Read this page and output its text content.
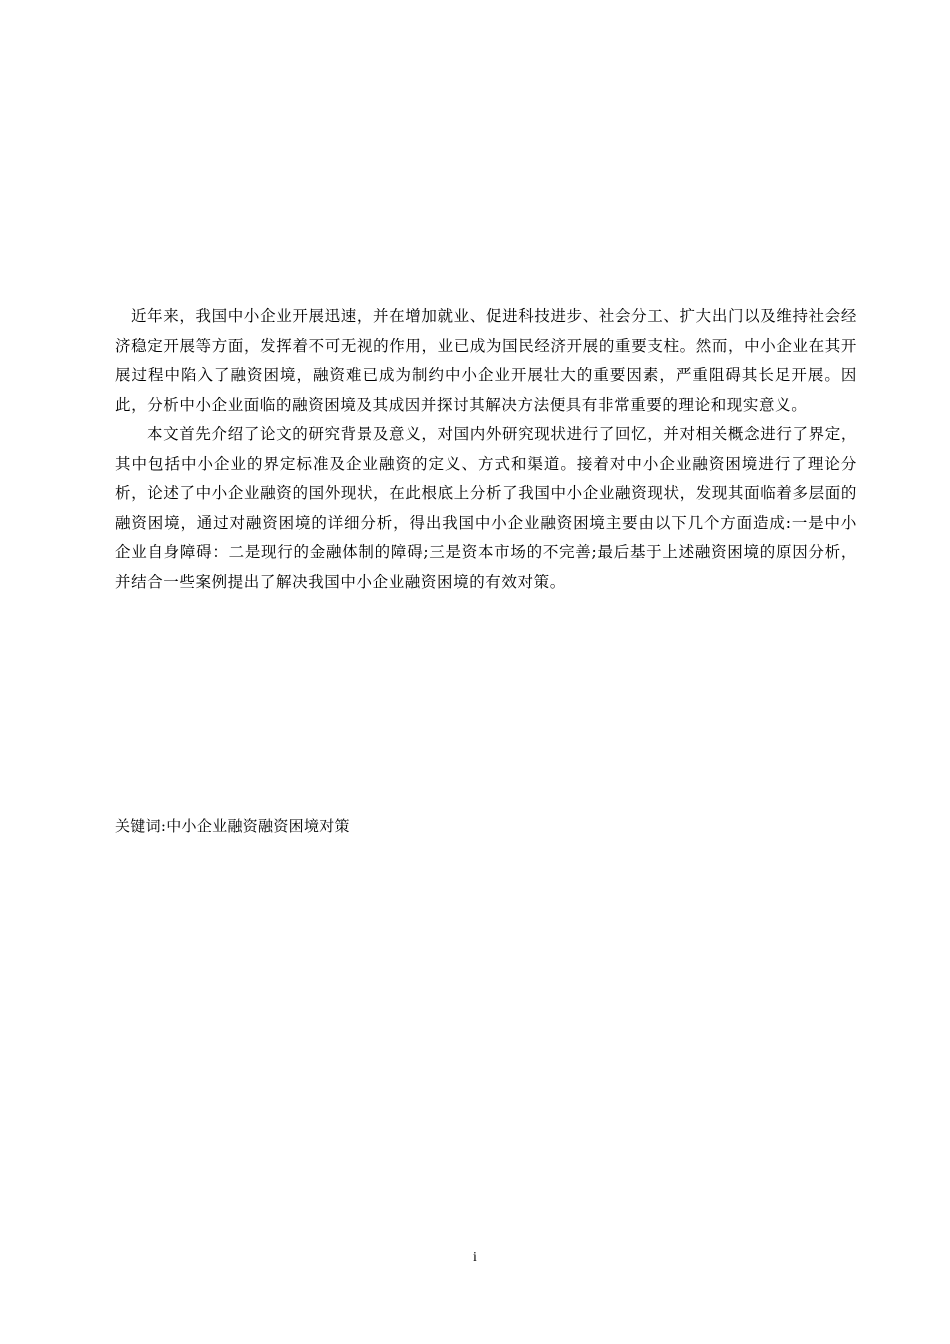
近年来，我国中小企业开展迅速，并在增加就业、促进科技进步、社会分工、扩大出门以及维持社会经济稳定开展等方面，发挥着不可无视的作用，业已成为国民经济开展的重要支柱。然而，中小企业在其开展过程中陷入了融资困境，融资难已成为制约中小企业开展壮大的重要因素，严重阻碍其长足开展。因此，分析中小企业面临的融资困境及其成因并探讨其解决方法便具有非常重要的理论和现实意义。

本文首先介绍了论文的研究背景及意义，对国内外研究现状进行了回忆，并对相关概念进行了界定，其中包括中小企业的界定标准及企业融资的定义、方式和渠道。接着对中小企业融资困境进行了理论分析，论述了中小企业融资的国外现状，在此根底上分析了我国中小企业融资现状，发现其面临着多层面的融资困境，通过对融资困境的详细分析，得出我国中小企业融资困境主要由以下几个方面造成:一是中小企业自身障碍：二是现行的金融体制的障碍;三是资本市场的不完善;最后基于上述融资困境的原因分析，并结合一些案例提出了解决我国中小企业融资困境的有效对策。

关键词:中小企业融资融资困境对策
i
